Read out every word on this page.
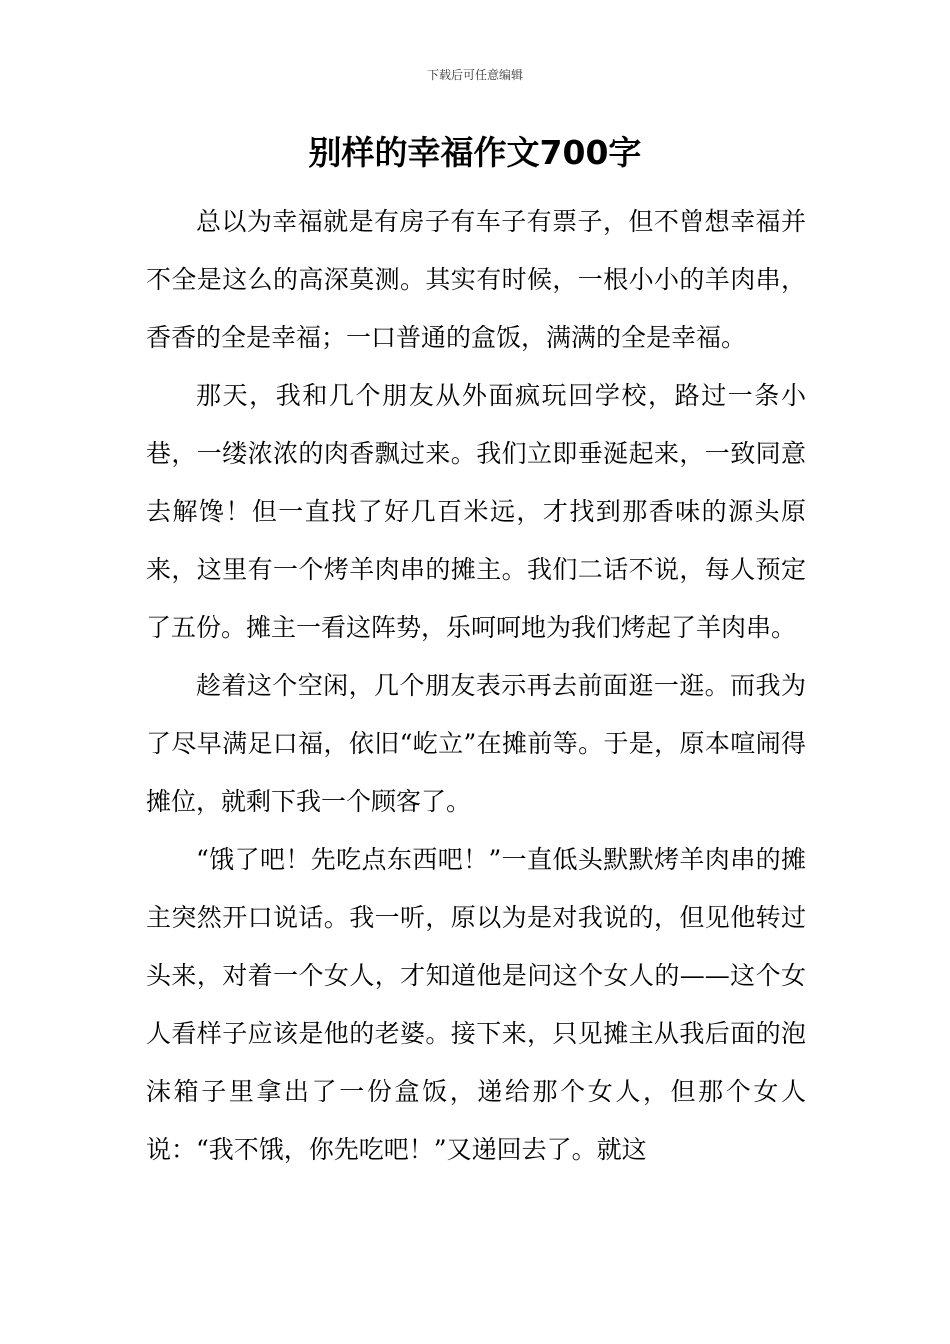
下载后可任意编辑
别样的幸福作文700字

总以为幸福就是有房子有车子有票子，但不曾想幸福并不全是这么的高深莫测。其实有时候，一根小小的羊肉串，香香的全是幸福；一口普通的盒饭，满满的全是幸福。

那天，我和几个朋友从外面疯玩回学校，路过一条小巷，一缕浓浓的肉香飘过来。我们立即垂涎起来，一致同意去解馋！但一直找了好几百米远，才找到那香味的源头原来，这里有一个烤羊肉串的摊主。我们二话不说，每人预定了五份。摊主一看这阵势，乐呵呵地为我们烤起了羊肉串。

趁着这个空闲，几个朋友表示再去前面逛一逛。而我为了尽早满足口福，依旧“屹立”在摊前等。于是，原本喧闹得摊位，就剩下我一个顾客了。

“饿了吧！先吃点东西吧！”一直低头默默烤羊肉串的摊主突然开口说话。我一听，原以为是对我说的，但见他转过头来，对着一个女人，才知道他是问这个女人的——这个女人看样子应该是他的老婆。接下来，只见摊主从我后面的泡沫箱子里拿出了一份盒饭，递给那个女人，但那个女人说：“我不饿，你先吃吧！”又递回去了。就这
